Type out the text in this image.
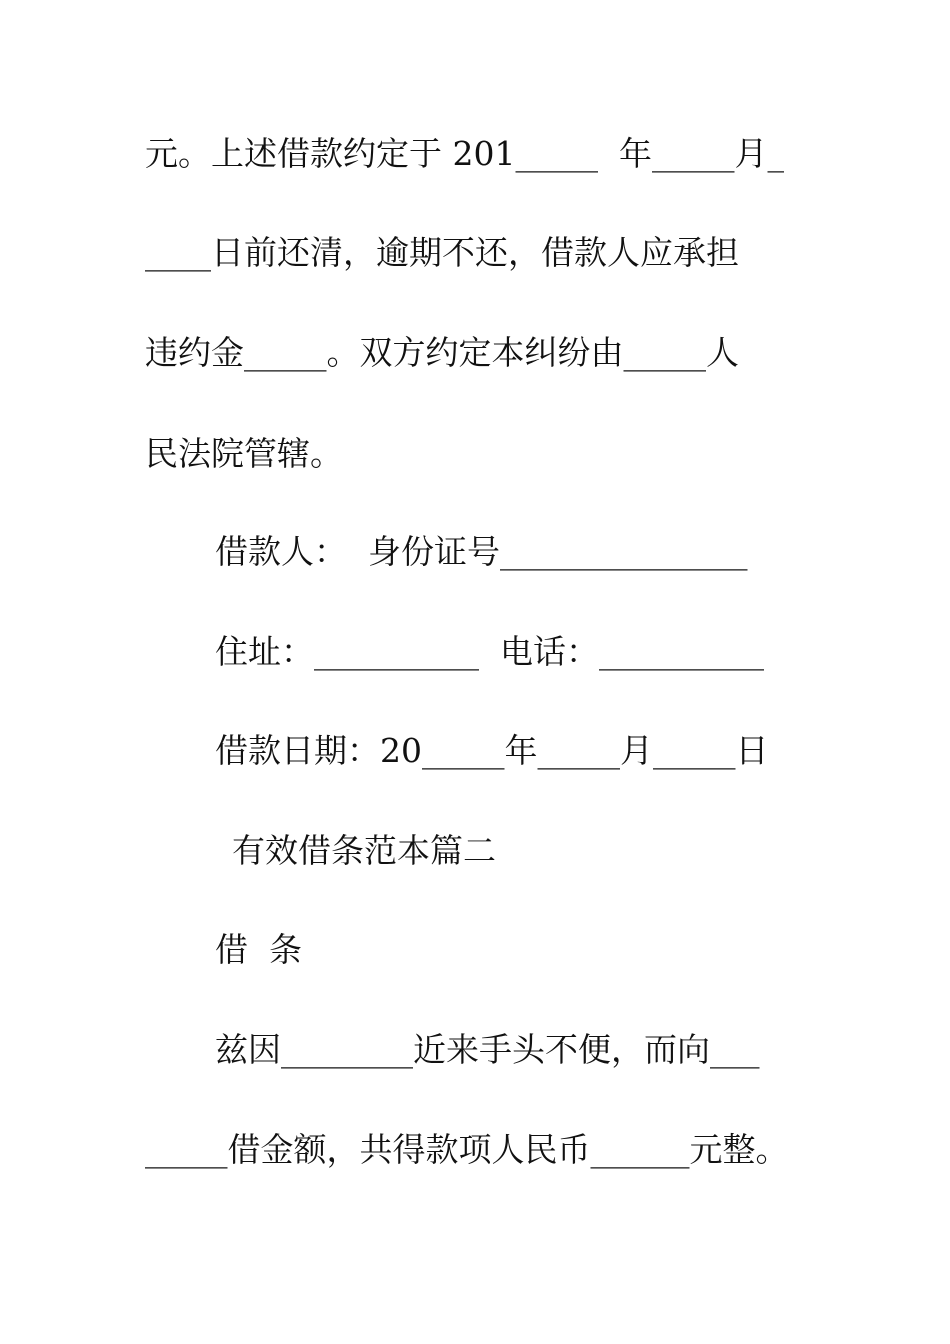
元。上述借款约定于 201_____  年_____月_

____日前还清，逾期不还，借款人应承担

违约金_____。双方约定本纠纷由_____人

民法院管辖。

借款人：  身份证号_______________

住址：__________  电话：__________

借款日期：20_____年_____月_____日

有效借条范本篇二

借  条

兹因________近来手头不便，而向___

_____借金额，共得款项人民币______元整。
